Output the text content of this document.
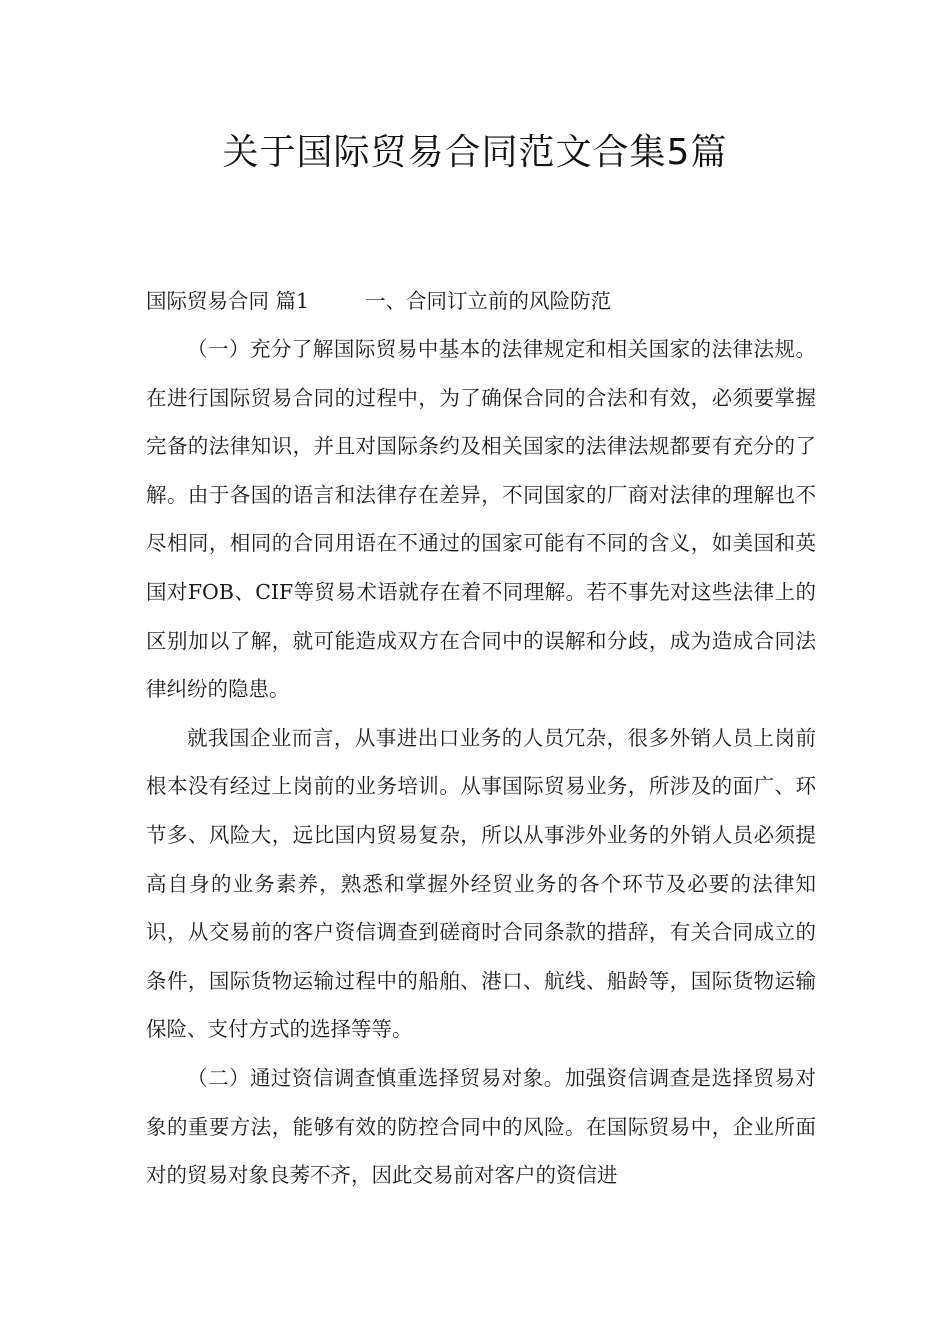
关于国际贸易合同范文合集5篇
国际贸易合同 篇1	一、合同订立前的风险防范

（一）充分了解国际贸易中基本的法律规定和相关国家的法律法规。在进行国际贸易合同的过程中，为了确保合同的合法和有效，必须要掌握完备的法律知识，并且对国际条约及相关国家的法律法规都要有充分的了解。由于各国的语言和法律存在差异，不同国家的厂商对法律的理解也不尽相同，相同的合同用语在不通过的国家可能有不同的含义，如美国和英国对FOB、CIF等贸易术语就存在着不同理解。若不事先对这些法律上的区别加以了解，就可能造成双方在合同中的误解和分歧，成为造成合同法律纠纷的隐患。

就我国企业而言，从事进出口业务的人员冗杂，很多外销人员上岗前根本没有经过上岗前的业务培训。从事国际贸易业务，所涉及的面广、环节多、风险大，远比国内贸易复杂，所以从事涉外业务的外销人员必须提高自身的业务素养，熟悉和掌握外经贸业务的各个环节及必要的法律知识，从交易前的客户资信调查到磋商时合同条款的措辞，有关合同成立的条件，国际货物运输过程中的船舶、港口、航线、船龄等，国际货物运输保险、支付方式的选择等等。

（二）通过资信调查慎重选择贸易对象。加强资信调查是选择贸易对象的重要方法，能够有效的防控合同中的风险。在国际贸易中，企业所面对的贸易对象良莠不齐，因此交易前对客户的资信进
